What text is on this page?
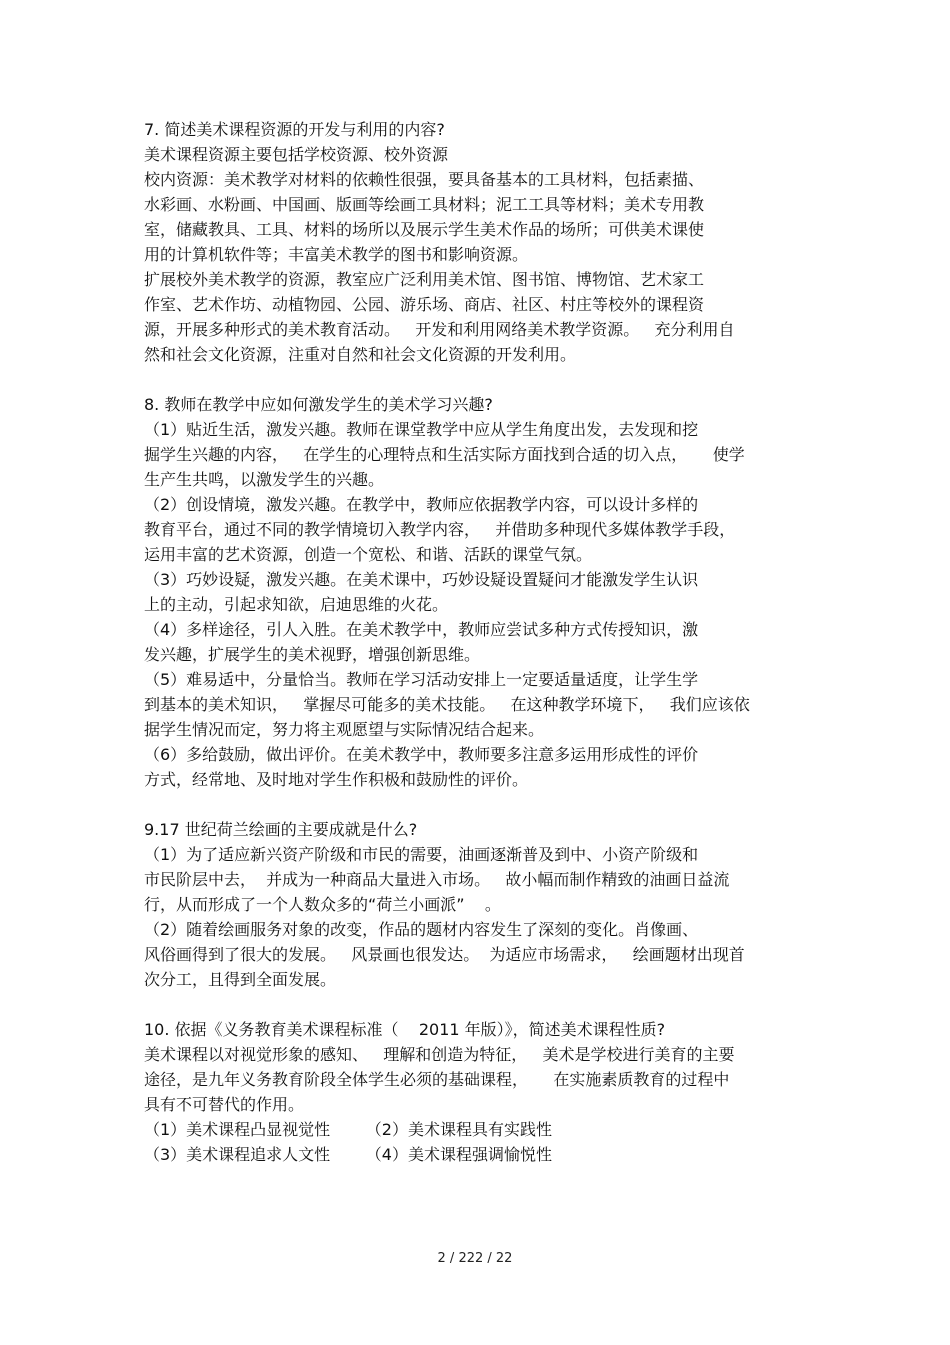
7. 简述美术课程资源的开发与利用的内容?
美术课程资源主要包括学校资源、校外资源
校内资源：美术教学对材料的依赖性很强，要具备基本的工具材料，包括素描、
水彩画、水粉画、中国画、版画等绘画工具材料；泥工工具等材料；美术专用教
室，储藏教具、工具、材料的场所以及展示学生美术作品的场所；可供美术课使
用的计算机软件等；丰富美术教学的图书和影响资源。
扩展校外美术教学的资源，教室应广泛利用美术馆、图书馆、博物馆、艺术家工
作室、艺术作坊、动植物园、公园、游乐场、商店、社区、村庄等校外的课程资
源，开展多种形式的美术教育活动。   开发和利用网络美术教学资源。   充分利用自
然和社会文化资源，注重对自然和社会文化资源的开发利用。
8. 教师在教学中应如何激发学生的美术学习兴趣?
（1）贴近生活，激发兴趣。教师在课堂教学中应从学生角度出发，去发现和挖
掘学生兴趣的内容，   在学生的心理特点和生活实际方面找到合适的切入点，     使学
生产生共鸣，以激发学生的兴趣。
（2）创设情境，激发兴趣。在教学中，教师应依据教学内容，可以设计多样的
教育平台，通过不同的教学情境切入教学内容，   并借助多种现代多媒体教学手段，
运用丰富的艺术资源，创造一个宽松、和谐、活跃的课堂气氛。
（3）巧妙设疑，激发兴趣。在美术课中，巧妙设疑设置疑问才能激发学生认识
上的主动，引起求知欲，启迪思维的火花。
（4）多样途径，引人入胜。在美术教学中，教师应尝试多种方式传授知识，激
发兴趣，扩展学生的美术视野，增强创新思维。
（5）难易适中，分量恰当。教师在学习活动安排上一定要适量适度，让学生学
到基本的美术知识，   掌握尽可能多的美术技能。   在这种教学环境下，   我们应该依
据学生情况而定，努力将主观愿望与实际情况结合起来。
（6）多给鼓励，做出评价。在美术教学中，教师要多注意多运用形成性的评价
方式，经常地、及时地对学生作积极和鼓励性的评价。
9.17 世纪荷兰绘画的主要成就是什么?
（1）为了适应新兴资产阶级和市民的需要，油画逐渐普及到中、小资产阶级和
市民阶层中去，  并成为一种商品大量进入市场。   故小幅而制作精致的油画日益流
行，从而形成了一个人数众多的“荷兰小画派”    。
（2）随着绘画服务对象的改变，作品的题材内容发生了深刻的变化。肖像画、
风俗画得到了很大的发展。   风景画也很发达。  为适应市场需求，   绘画题材出现首
次分工，且得到全面发展。
10. 依据《义务教育美术课程标准（    2011 年版）》，简述美术课程性质?
美术课程以对视觉形象的感知、   理解和创造为特征，   美术是学校进行美育的主要
途径，是九年义务教育阶段全体学生必须的基础课程，     在实施素质教育的过程中
具有不可替代的作用。
（1）美术课程凸显视觉性       （2）美术课程具有实践性
（3）美术课程追求人文性       （4）美术课程强调愉悦性
2 / 222 / 22
